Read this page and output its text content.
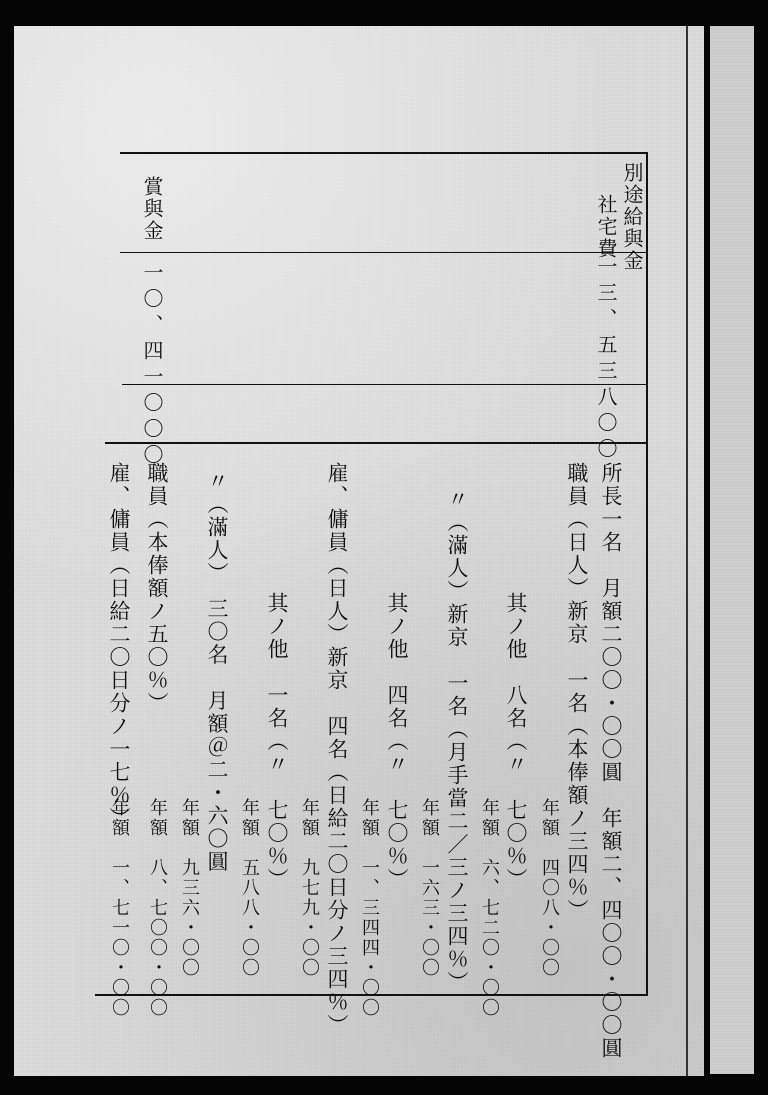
別途給與金
社宅費
一三、五三八〇〇
賞與金
一〇、四一〇〇〇
所長一名　月額二〇〇・〇〇圓　年額二、四〇〇・〇〇圓
職員（日人）新京　一名（本俸額ノ三四％）
年額　四〇八・〇〇
其ノ他　八名（〃　七〇％）
年額　六、七二〇・〇〇
〃（滿人）新京　一名（月手當二／三ノ三四％）
年額　一六三・〇〇
其ノ他　四名（〃　七〇％）
年額　一、三四四・〇〇
雇、傭員（日人）新京　四名（日給二〇日分ノ三四％）
年額　九七九・〇〇
其ノ他　一名（〃　七〇％）
年額　五八八・〇〇
〃（滿人）　三〇名　月額＠二・六〇圓
年額　九三六・〇〇
職員（本俸額ノ五〇％）
年額　八、七〇〇・〇〇
雇、傭員（日給二〇日分ノ一七％）
年額　一、七一〇・〇〇
